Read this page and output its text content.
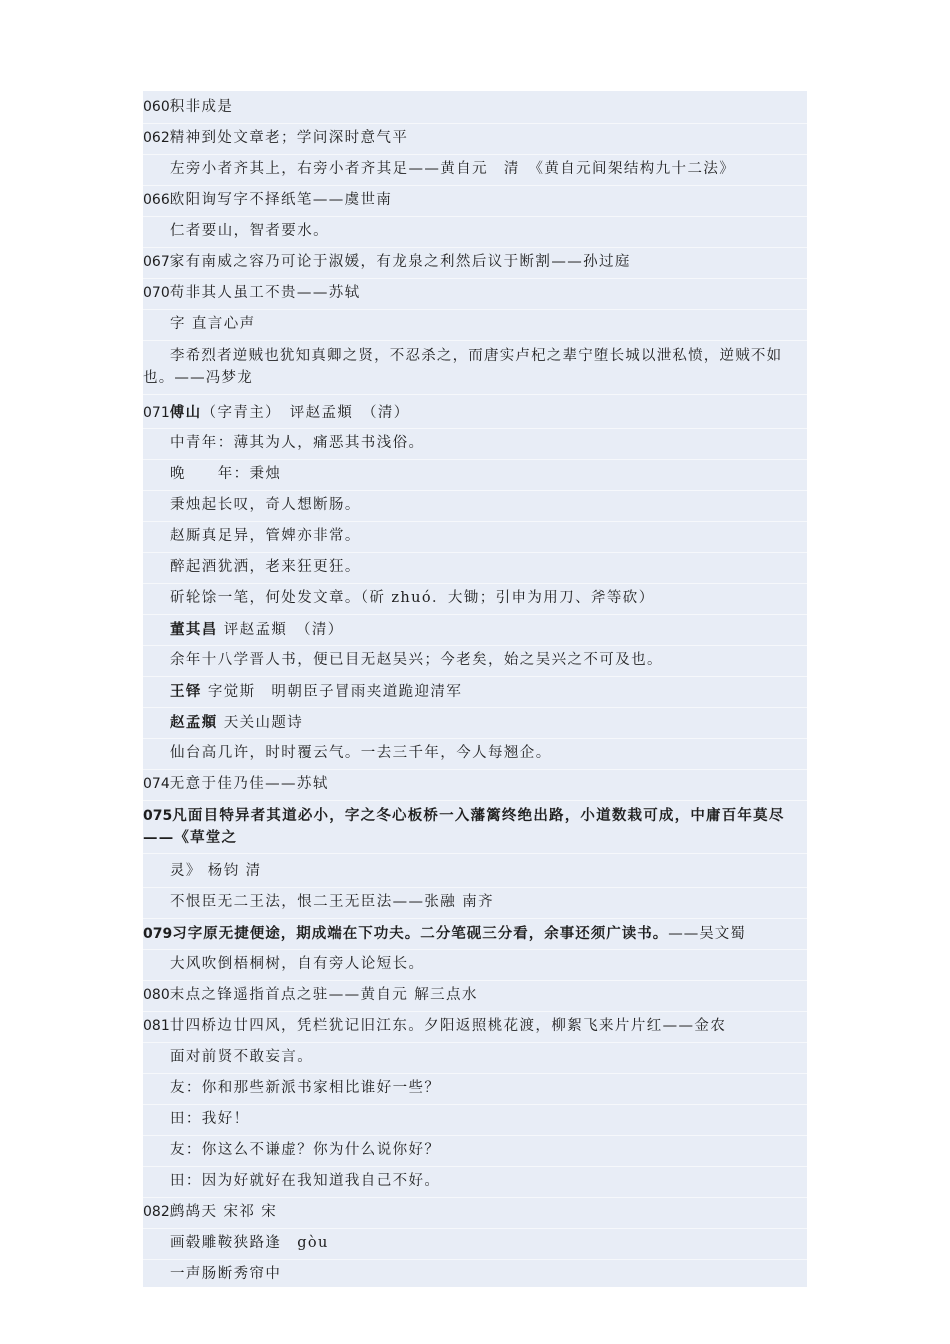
060积非成是
062精神到处文章老；学问深时意气平
左旁小者齐其上，右旁小者齐其足——黄自元　清　《黄自元间架结构九十二法》
066欧阳询写字不择纸笔——虞世南
仁者要山，智者要水。
067家有南威之容乃可论于淑媛，有龙泉之利然后议于断割——孙过庭
070苟非其人虽工不贵——苏轼
字 直言心声
李希烈者逆贼也犹知真卿之贤，不忍杀之，而唐实卢杞之辈宁堕长城以泄私愤，逆贼不如也。——冯梦龙
071傅山（字青主）　评赵孟頫　（清）
中青年：薄其为人，痛恶其书浅俗。
晚　　年：秉烛
秉烛起长叹，奇人想断肠。
赵厮真足异，管婢亦非常。
醉起酒犹洒，老来狂更狂。
斫轮馀一笔，何处发文章。（斫 zhuó．大锄；引申为用刀、斧等砍）
董其昌 评赵孟頫　（清）
余年十八学晋人书，便已目无赵吴兴；今老矣，始之吴兴之不可及也。
王铎 字觉斯　明朝臣子冒雨夹道跪迎清军
赵孟頫 天关山题诗
仙台高几许，时时覆云气。一去三千年，今人每翘企。
074无意于佳乃佳——苏轼
075凡面目特异者其道必小，字之冬心板桥一入藩篱终绝出路，小道数栽可成，中庸百年莫尽——《草堂之
灵》 杨钧 清
不恨臣无二王法，恨二王无臣法——张融 南齐
079习字原无捷便途，期成端在下功夫。二分笔砚三分看，余事还须广读书。——吴文蜀
大风吹倒梧桐树，自有旁人论短长。
080末点之锋遥指首点之驻——黄自元 解三点水
081廿四桥边廿四风，凭栏犹记旧江东。夕阳返照桃花渡，柳絮飞来片片红——金农
面对前贤不敢妄言。
友：你和那些新派书家相比谁好一些？
田：我好！
友：你这么不谦虚？你为什么说你好？
田：因为好就好在我知道我自己不好。
082鹧鸪天 宋祁 宋
画毂雕鞍狭路逢　gòu
一声肠断秀帘中
